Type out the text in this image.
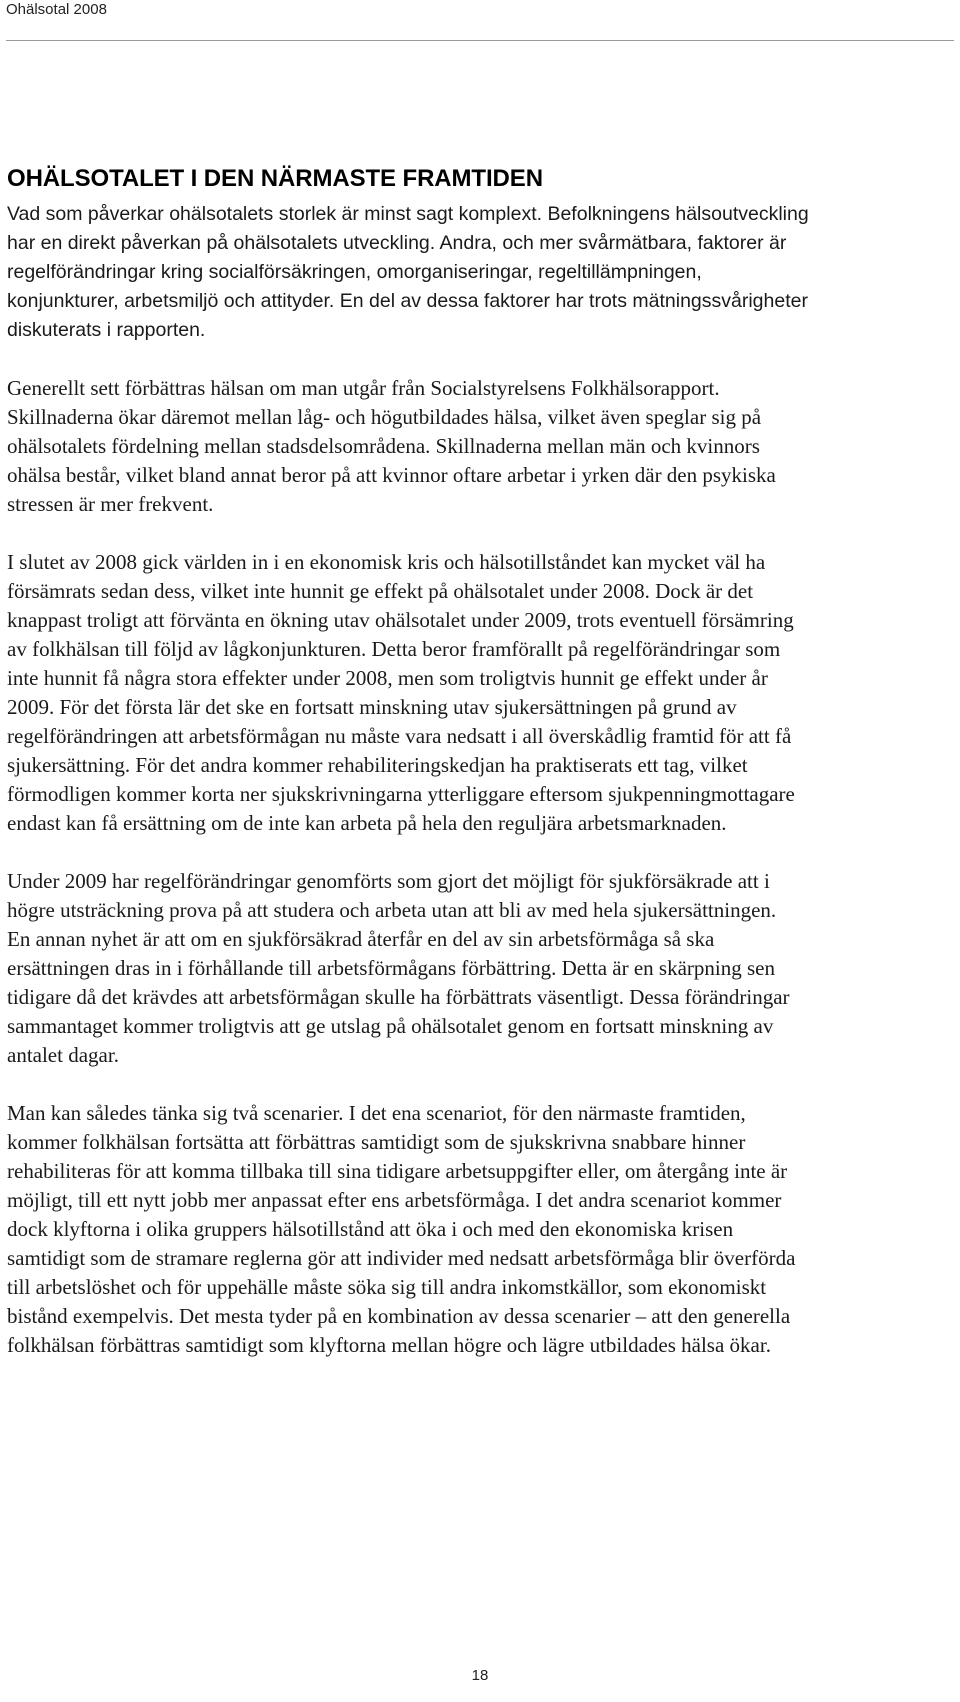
Ohälsotal 2008
OHÄLSOTALET I DEN NÄRMASTE FRAMTIDEN

Vad som påverkar ohälsotalets storlek är minst sagt komplext. Befolkningens hälsoutveckling
har en direkt påverkan på ohälsotalets utveckling. Andra, och mer svårmätbara, faktorer är
regelförändringar kring socialförsäkringen, omorganiseringar, regeltillämpningen,
konjunkturer, arbetsmiljö och attityder. En del av dessa faktorer har trots mätningssvårigheter
diskuterats i rapporten.

Generellt sett förbättras hälsan om man utgår från Socialstyrelsens Folkhälsorapport.
Skillnaderna ökar däremot mellan låg- och högutbildades hälsa, vilket även speglar sig på
ohälsotalets fördelning mellan stadsdelsområdena. Skillnaderna mellan män och kvinnors
ohälsa består, vilket bland annat beror på att kvinnor oftare arbetar i yrken där den psykiska
stressen är mer frekvent.

I slutet av 2008 gick världen in i en ekonomisk kris och hälsotillståndet kan mycket väl ha
försämrats sedan dess, vilket inte hunnit ge effekt på ohälsotalet under 2008. Dock är det
knappast troligt att förvänta en ökning utav ohälsotalet under 2009, trots eventuell försämring
av folkhälsan till följd av lågkonjunkturen. Detta beror framförallt på regelförändringar som
inte hunnit få några stora effekter under 2008, men som troligtvis hunnit ge effekt under år
2009. För det första lär det ske en fortsatt minskning utav sjukersättningen på grund av
regelförändringen att arbetsförmågan nu måste vara nedsatt i all överskådlig framtid för att få
sjukersättning. För det andra kommer rehabiliteringskedjan ha praktiserats ett tag, vilket
förmodligen kommer korta ner sjukskrivningarna ytterliggare eftersom sjukpenningmottagare
endast kan få ersättning om de inte kan arbeta på hela den reguljära arbetsmarknaden.

Under 2009 har regelförändringar genomförts som gjort det möjligt för sjukförsäkrade att i
högre utsträckning prova på att studera och arbeta utan att bli av med hela sjukersättningen.
En annan nyhet är att om en sjukförsäkrad återfår en del av sin arbetsförmåga så ska
ersättningen dras in i förhållande till arbetsförmågans förbättring. Detta är en skärpning sen
tidigare då det krävdes att arbetsförmågan skulle ha förbättrats väsentligt. Dessa förändringar
sammantaget kommer troligtvis att ge utslag på ohälsotalet genom en fortsatt minskning av
antalet dagar.

Man kan således tänka sig två scenarier. I det ena scenariot, för den närmaste framtiden,
kommer folkhälsan fortsätta att förbättras samtidigt som de sjukskrivna snabbare hinner
rehabiliteras för att komma tillbaka till sina tidigare arbetsuppgifter eller, om återgång inte är
möjligt, till ett nytt jobb mer anpassat efter ens arbetsförmåga. I det andra scenariot kommer
dock klyftorna i olika gruppers hälsotillstånd att öka i och med den ekonomiska krisen
samtidigt som de stramare reglerna gör att individer med nedsatt arbetsförmåga blir överförda
till arbetslöshet och för uppehälle måste söka sig till andra inkomstkällor, som ekonomiskt
bistånd exempelvis. Det mesta tyder på en kombination av dessa scenarier – att den generella
folkhälsan förbättras samtidigt som klyftorna mellan högre och lägre utbildades hälsa ökar.

18
